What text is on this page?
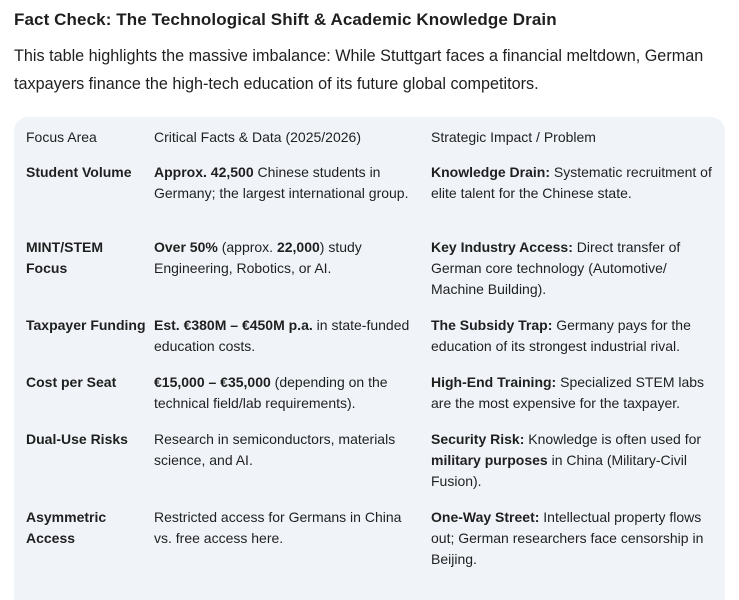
Fact Check: The Technological Shift & Academic Knowledge Drain
This table highlights the massive imbalance: While Stuttgart faces a financial meltdown, German taxpayers finance the high-tech education of its future global competitors.
Focus Area	Critical Facts & Data (2025/2026)	Strategic Impact / Problem
Student Volume	Approx. 42,500 Chinese students in Germany; the largest international group.	Knowledge Drain: Systematic recruitment of elite talent for the Chinese state.
MINT/STEM Focus	Over 50% (approx. 22,000) study Engineering, Robotics, or AI.	Key Industry Access: Direct transfer of German core technology (Automotive/ Machine Building).
Taxpayer Funding	Est. €380M – €450M p.a. in state-funded education costs.	The Subsidy Trap: Germany pays for the education of its strongest industrial rival.
Cost per Seat	€15,000 – €35,000 (depending on the technical field/lab requirements).	High-End Training: Specialized STEM labs are the most expensive for the taxpayer.
Dual-Use Risks	Research in semiconductors, materials science, and AI.	Security Risk: Knowledge is often used for military purposes in China (Military-Civil Fusion).
Asymmetric Access	Restricted access for Germans in China vs. free access here.	One-Way Street: Intellectual property flows out; German researchers face censorship in Beijing.
